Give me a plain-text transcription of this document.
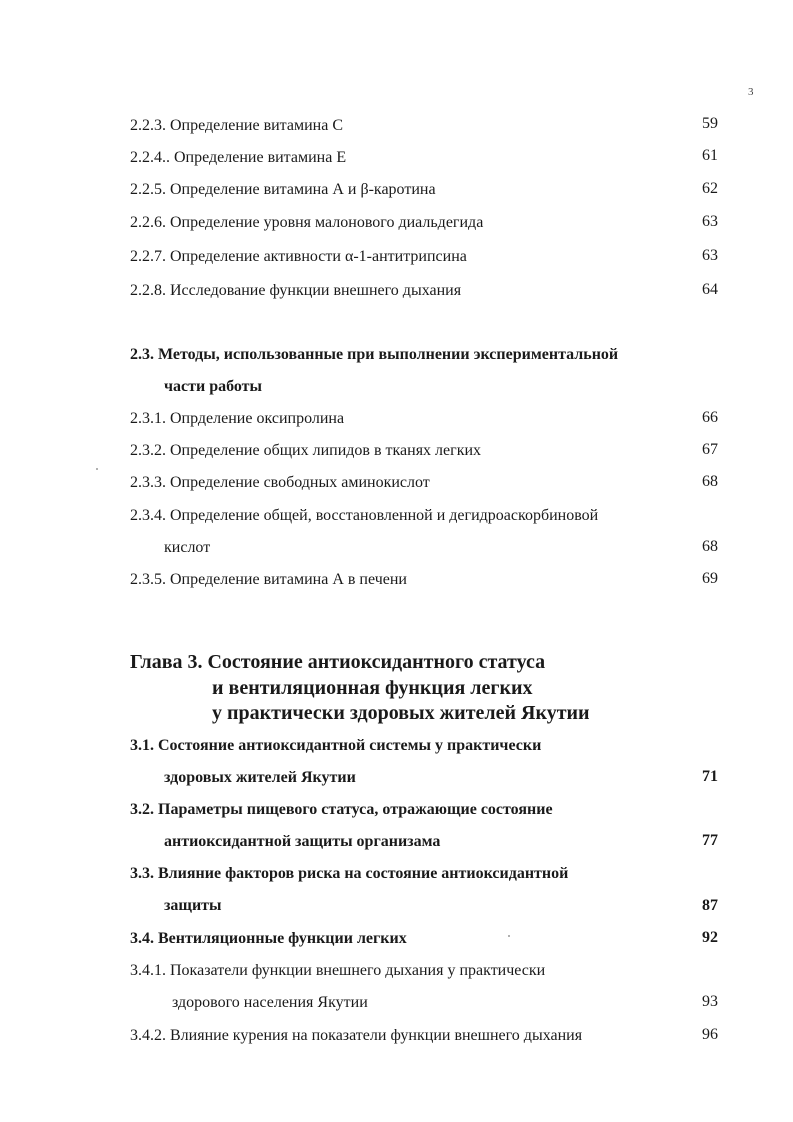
3
2.2.3. Определение витамина С	59
2.2.4.. Определение витамина Е	61
2.2.5. Определение витамина А и β-каротина	62
2.2.6. Определение уровня малонового диальдегида	63
2.2.7. Определение активности α-1-антитрипсина	63
2.2.8. Исследование функции внешнего дыхания	64
2.3. Методы, использованные при выполнении экспериментальной
части работы
2.3.1. Опрделение оксипролина	66
2.3.2. Определение общих липидов в тканях легких	67
2.3.3. Определение свободных аминокислот	68
2.3.4. Определение общей, восстановленной и дегидроаскорбиновой
кислот	68
2.3.5. Определение витамина А в печени	69
Глава 3. Состояние антиоксидантного статуса
и вентиляционная функция легких
у практически здоровых жителей Якутии
3.1. Состояние антиоксидантной системы у практически
здоровых жителей Якутии	71
3.2. Параметры пищевого статуса, отражающие состояние
антиоксидантной защиты организама	77
3.3. Влияние факторов риска на состояние антиоксидантной
защиты	87
3.4. Вентиляционные функции легких	92
3.4.1. Показатели функции внешнего дыхания у практически
здорового населения Якутии	93
3.4.2. Влияние курения на показатели функции внешнего дыхания	96
